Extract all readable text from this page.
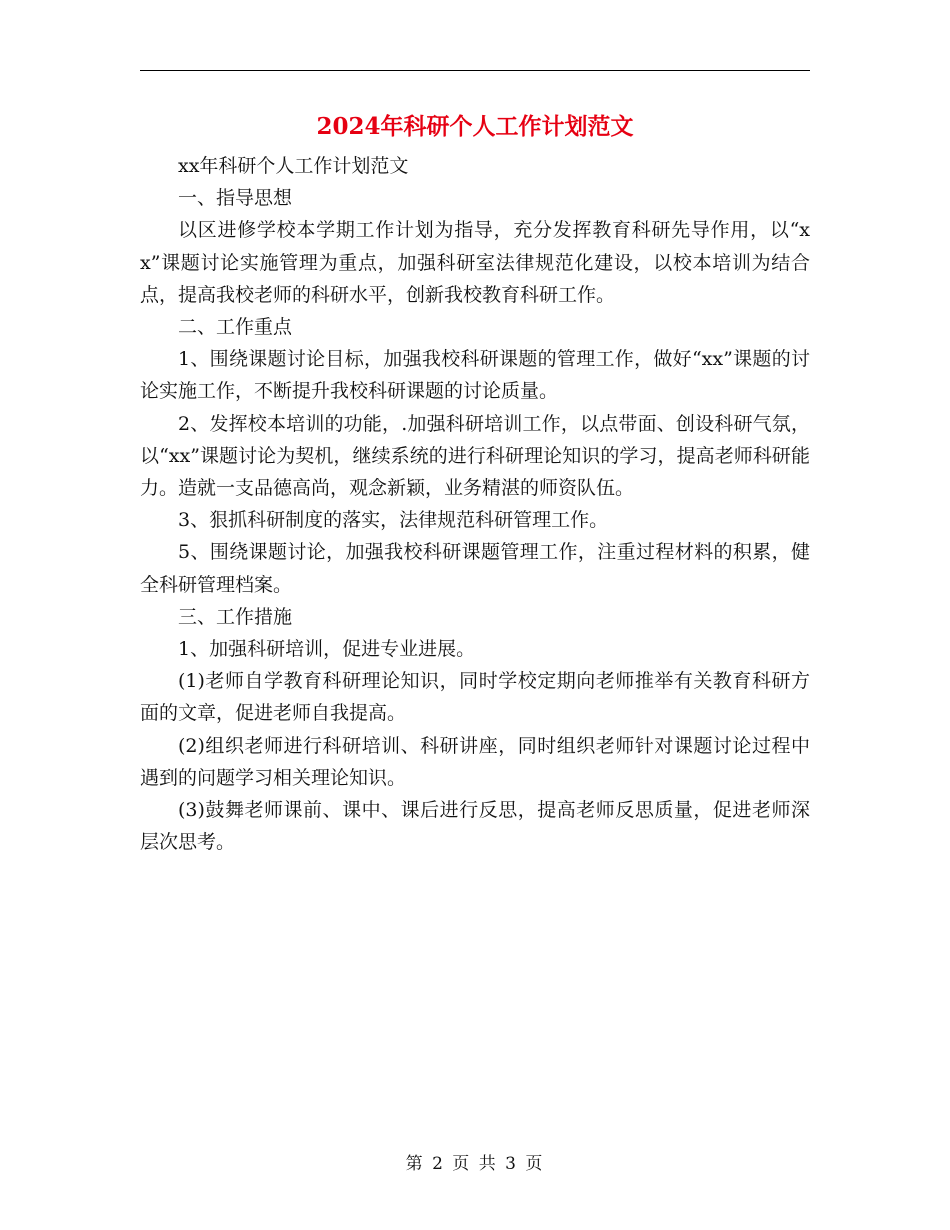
2024年科研个人工作计划范文

xx年科研个人工作计划范文

一、指导思想

以区进修学校本学期工作计划为指导，充分发挥教育科研先导作用，以“xx”课题讨论实施管理为重点，加强科研室法律规范化建设，以校本培训为结合点，提高我校老师的科研水平，创新我校教育科研工作。

二、工作重点

1、围绕课题讨论目标，加强我校科研课题的管理工作，做好“xx”课题的讨论实施工作，不断提升我校科研课题的讨论质量。

2、发挥校本培训的功能，.加强科研培训工作，以点带面、创设科研气氛，以“xx”课题讨论为契机，继续系统的进行科研理论知识的学习，提高老师科研能力。造就一支品德高尚，观念新颖，业务精湛的师资队伍。

3、狠抓科研制度的落实，法律规范科研管理工作。

5、围绕课题讨论，加强我校科研课题管理工作，注重过程材料的积累，健全科研管理档案。

三、工作措施

1、加强科研培训，促进专业进展。

(1)老师自学教育科研理论知识，同时学校定期向老师推举有关教育科研方面的文章，促进老师自我提高。

(2)组织老师进行科研培训、科研讲座，同时组织老师针对课题讨论过程中遇到的问题学习相关理论知识。

(3)鼓舞老师课前、课中、课后进行反思，提高老师反思质量，促进老师深层次思考。

第 2 页 共 3 页
